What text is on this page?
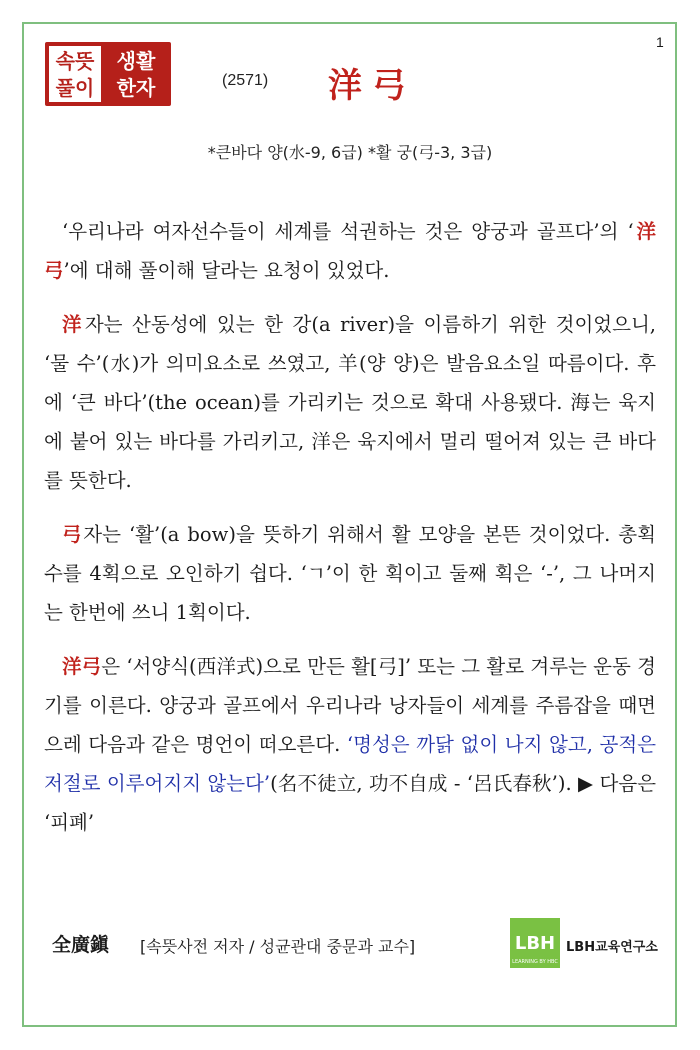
1
속뜻
풀이
생활
한자	(2571) 洋弓
*큰바다 양(水-9, 6급) *활 궁(弓-3, 3급)

‘우리나라 여자선수들이 세계를 석권하는 것은 양궁과 골프다’의 ‘洋弓’에 대해 풀이해 달라는 요청이 있었다.

洋자는 산동성에 있는 한 강(a river)을 이름하기 위한 것이었으니, ‘물 수’(水)가 의미요소로 쓰였고, 羊(양 양)은 발음요소일 따름이다. 후에 ‘큰 바다’(the ocean)를 가리키는 것으로 확대 사용됐다. 海는 육지에 붙어 있는 바다를 가리키고, 洋은 육지에서 멀리 떨어져 있는 큰 바다를 뜻한다.

弓자는 ‘활’(a bow)을 뜻하기 위해서 활 모양을 본뜬 것이었다. 총획수를 4획으로 오인하기 쉽다. ‘ㄱ’이 한 획이고 둘째 획은 ‘-’, 그 나머지는 한번에 쓰니 1획이다.

洋弓은 ‘서양식(西洋式)으로 만든 활[弓]’ 또는 그 활로 겨루는 운동 경기를 이른다. 양궁과 골프에서 우리나라 낭자들이 세계를 주름잡을 때면 으레 다음과 같은 명언이 떠오른다. ‘명성은 까닭 없이 나지 않고, 공적은 저절로 이루어지지 않는다’(名不徒立, 功不自成 - ‘呂氏春秋’). ▶ 다음은 ‘피폐’

全廣鎭 [속뜻사전 저자 / 성균관대 중문과 교수]	LBH
LEARNING BY HBC
LBH교육연구소
